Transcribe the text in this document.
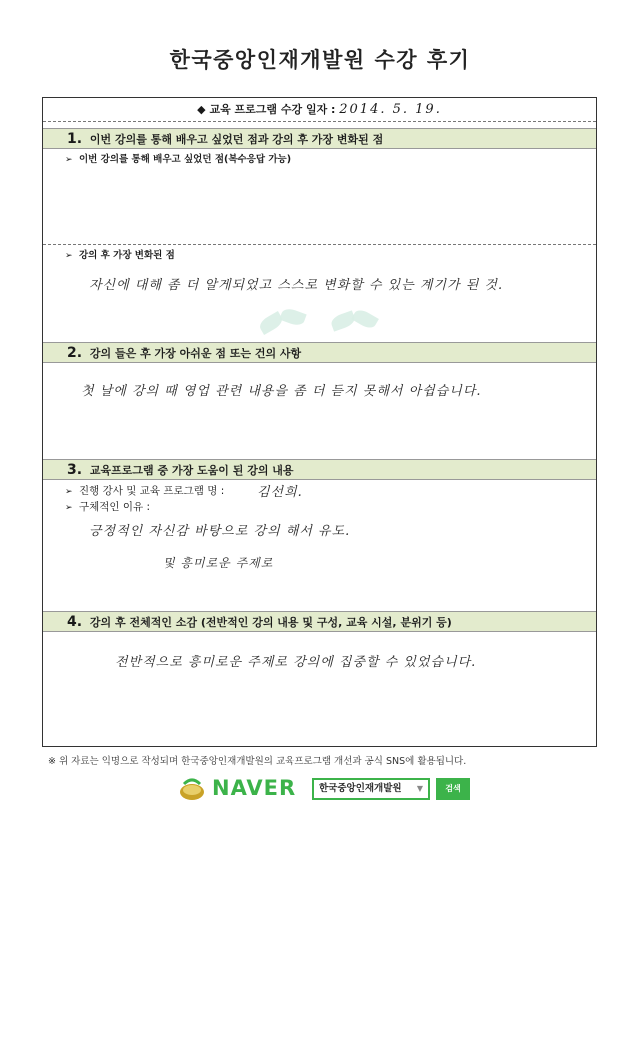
한국중앙인재개발원 수강 후기
◆ 교육 프로그램 수강 일자 : 2014. 5. 19.
1. 이번 강의를 통해 배우고 싶었던 점과 강의 후 가장 변화된 점
➢ 이번 강의를 통해 배우고 싶었던 점(복수응답 가능)
➢ 강의 후 가장 변화된 점
자신에 대해 좀 더 알게되었고 스스로 변화할 수 있는 계기가 된 것.
2. 강의 들은 후 가장 아쉬운 점 또는 건의 사항
첫 날에 강의 때 영업 관련 내용을 좀 더 듣지 못해서 아쉽습니다.
3. 교육프로그램 중 가장 도움이 된 강의 내용
➢ 진행 강사 및 교육 프로그램 명 :	김선희.
➢ 구체적인 이유 :
긍정적인 자신감 바탕으로 강의 해서 유도.
및 흥미로운 주제로
4. 강의 후 전체적인 소감 (전반적인 강의 내용 및 구성, 교육 시설, 분위기 등)
전반적으로 흥미로운 주제로 강의에 집중할 수 있었습니다.
※ 위 자료는 익명으로 작성되며 한국중앙인재개발원의 교육프로그램 개선과 공식 SNS에 활용됩니다.
NAVER	한국중앙인재개발원 ▼	검색
